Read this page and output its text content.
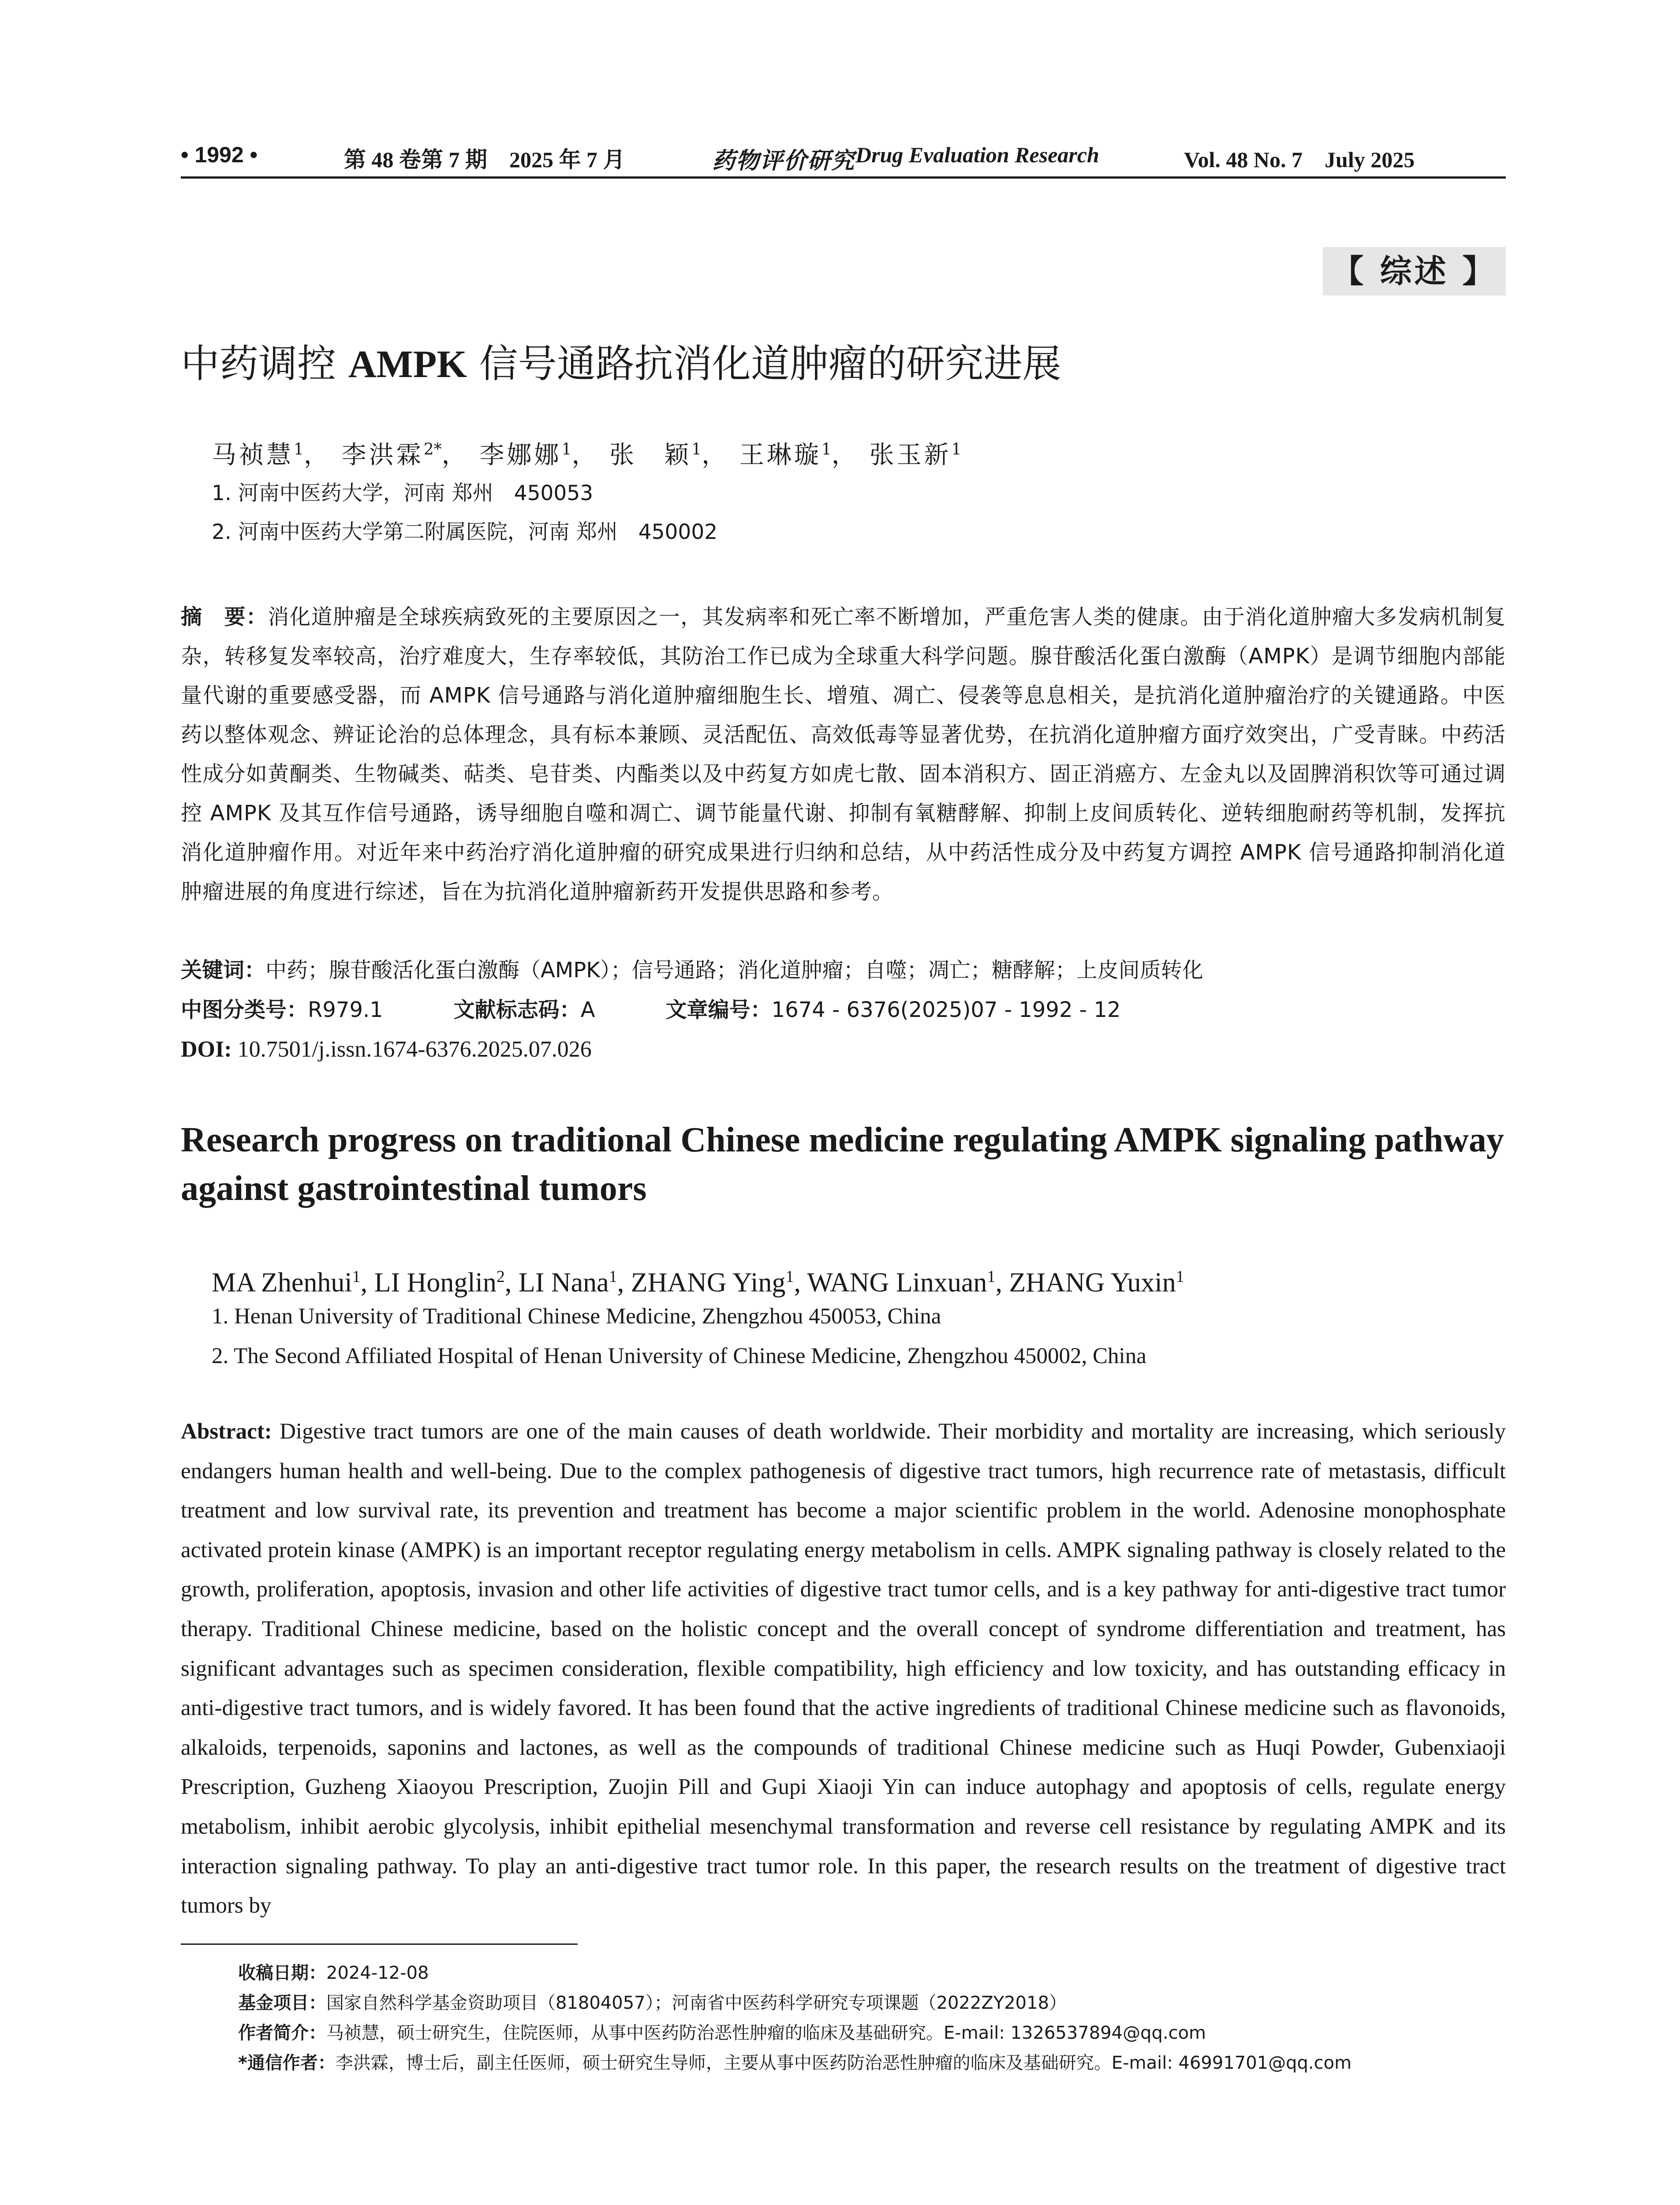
• 1992 •	第 48 卷第 7 期　2025 年 7 月	药物评价研究 Drug Evaluation Research	Vol. 48 No. 7　July 2025
【 综述 】
中药调控 AMPK 信号通路抗消化道肿瘤的研究进展
马祯慧$^1$， 李洪霖$^{2*}$， 李娜娜$^1$， 张　颖$^1$， 王琳璇$^1$， 张玉新$^1$
1. 河南中医药大学，河南 郑州　450053
2. 河南中医药大学第二附属医院，河南 郑州　450002
摘　要：消化道肿瘤是全球疾病致死的主要原因之一，其发病率和死亡率不断增加，严重危害人类的健康。由于消化道肿瘤大多发病机制复杂，转移复发率较高，治疗难度大，生存率较低，其防治工作已成为全球重大科学问题。腺苷酸活化蛋白激酶（AMPK）是调节细胞内部能量代谢的重要感受器，而 AMPK 信号通路与消化道肿瘤细胞生长、增殖、凋亡、侵袭等息息相关，是抗消化道肿瘤治疗的关键通路。中医药以整体观念、辨证论治的总体理念，具有标本兼顾、灵活配伍、高效低毒等显著优势，在抗消化道肿瘤方面疗效突出，广受青睐。中药活性成分如黄酮类、生物碱类、萜类、皂苷类、内酯类以及中药复方如虎七散、固本消积方、固正消癌方、左金丸以及固脾消积饮等可通过调控 AMPK 及其互作信号通路，诱导细胞自噬和凋亡、调节能量代谢、抑制有氧糖酵解、抑制上皮间质转化、逆转细胞耐药等机制，发挥抗消化道肿瘤作用。对近年来中药治疗消化道肿瘤的研究成果进行归纳和总结，从中药活性成分及中药复方调控 AMPK 信号通路抑制消化道肿瘤进展的角度进行综述，旨在为抗消化道肿瘤新药开发提供思路和参考。
关键词：中药；腺苷酸活化蛋白激酶（AMPK）；信号通路；消化道肿瘤；自噬；凋亡；糖酵解；上皮间质转化
中图分类号：R979.1	文献标志码：A	文章编号：1674 - 6376(2025)07 - 1992 - 12
DOI: 10.7501/j.issn.1674-6376.2025.07.026
Research progress on traditional Chinese medicine regulating AMPK signaling pathway against gastrointestinal tumors
MA Zhenhui$^1$, LI Honglin$^2$, LI Nana$^1$, ZHANG Ying$^1$, WANG Linxuan$^1$, ZHANG Yuxin$^1$
1. Henan University of Traditional Chinese Medicine, Zhengzhou 450053, China
2. The Second Affiliated Hospital of Henan University of Chinese Medicine, Zhengzhou 450002, China
Abstract: Digestive tract tumors are one of the main causes of death worldwide. Their morbidity and mortality are increasing, which seriously endangers human health and well-being. Due to the complex pathogenesis of digestive tract tumors, high recurrence rate of metastasis, difficult treatment and low survival rate, its prevention and treatment has become a major scientific problem in the world. Adenosine monophosphate activated protein kinase (AMPK) is an important receptor regulating energy metabolism in cells. AMPK signaling pathway is closely related to the growth, proliferation, apoptosis, invasion and other life activities of digestive tract tumor cells, and is a key pathway for anti-digestive tract tumor therapy. Traditional Chinese medicine, based on the holistic concept and the overall concept of syndrome differentiation and treatment, has significant advantages such as specimen consideration, flexible compatibility, high efficiency and low toxicity, and has outstanding efficacy in anti-digestive tract tumors, and is widely favored. It has been found that the active ingredients of traditional Chinese medicine such as flavonoids, alkaloids, terpenoids, saponins and lactones, as well as the compounds of traditional Chinese medicine such as Huqi Powder, Gubenxiaoji Prescription, Guzheng Xiaoyou Prescription, Zuojin Pill and Gupi Xiaoji Yin can induce autophagy and apoptosis of cells, regulate energy metabolism, inhibit aerobic glycolysis, inhibit epithelial mesenchymal transformation and reverse cell resistance by regulating AMPK and its interaction signaling pathway. To play an anti-digestive tract tumor role. In this paper, the research results on the treatment of digestive tract tumors by
收稿日期：2024-12-08
基金项目：国家自然科学基金资助项目（81804057）；河南省中医药科学研究专项课题（2022ZY2018）
作者简介：马祯慧，硕士研究生，住院医师，从事中医药防治恶性肿瘤的临床及基础研究。E-mail: 1326537894@qq.com
*通信作者：李洪霖，博士后，副主任医师，硕士研究生导师，主要从事中医药防治恶性肿瘤的临床及基础研究。E-mail: 46991701@qq.com
